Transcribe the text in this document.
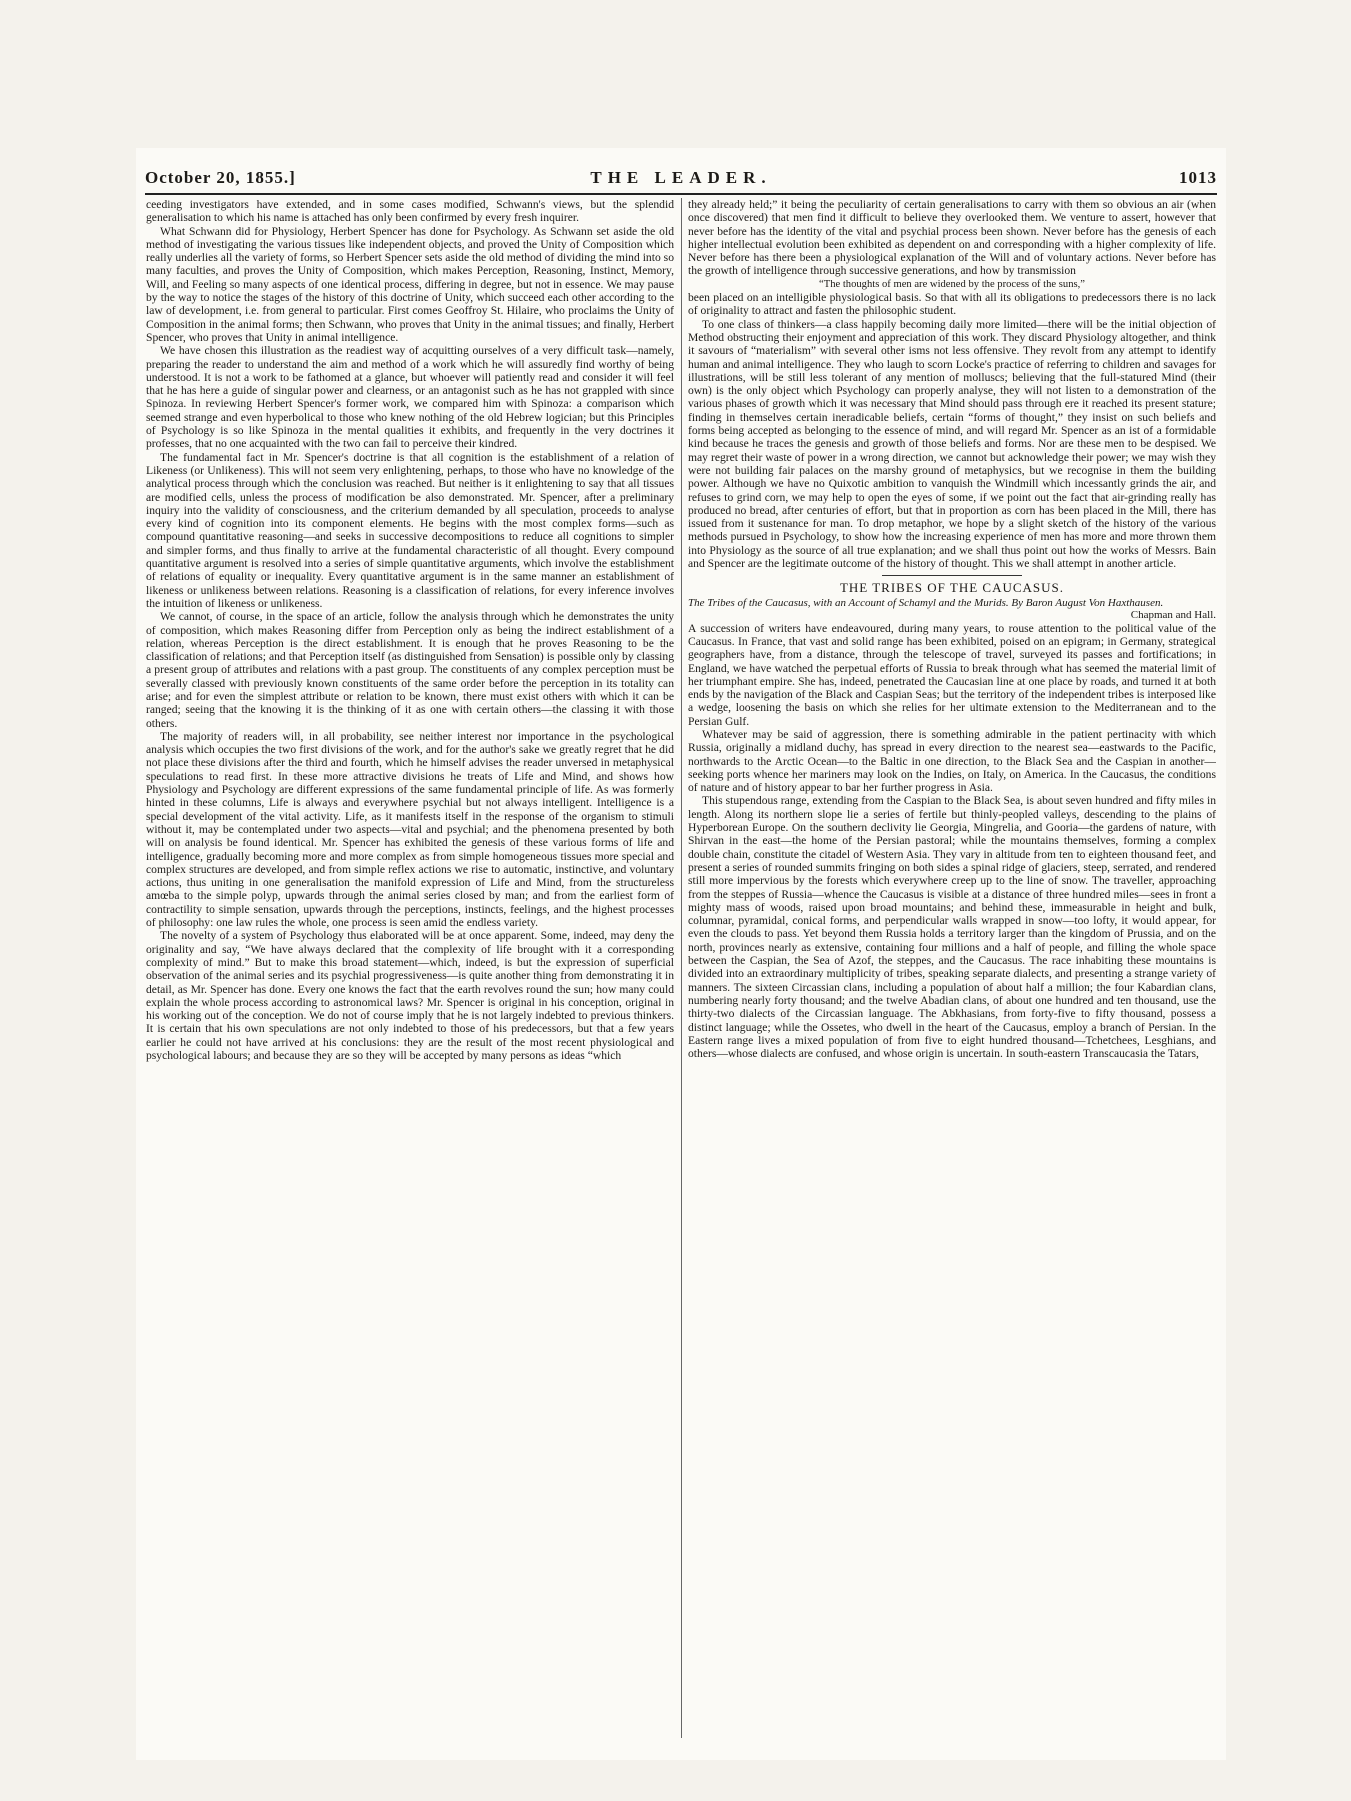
October 20, 1855.]	THE LEADER.	1013

ceeding investigators have extended, and in some cases modified, Schwann's views, but the splendid generalisation to which his name is attached has only been confirmed by every fresh inquirer.

What Schwann did for Physiology, Herbert Spencer has done for Psychology. As Schwann set aside the old method of investigating the various tissues like independent objects, and proved the Unity of Composition which really underlies all the variety of forms, so Herbert Spencer sets aside the old method of dividing the mind into so many faculties, and proves the Unity of Composition, which makes Perception, Reasoning, Instinct, Memory, Will, and Feeling so many aspects of one identical process, differing in degree, but not in essence. We may pause by the way to notice the stages of the history of this doctrine of Unity, which succeed each other according to the law of development, i.e. from general to particular. First comes Geoffroy St. Hilaire, who proclaims the Unity of Composition in the animal forms; then Schwann, who proves that Unity in the animal tissues; and finally, Herbert Spencer, who proves that Unity in animal intelligence.

We have chosen this illustration as the readiest way of acquitting ourselves of a very difficult task—namely, preparing the reader to understand the aim and method of a work which he will assuredly find worthy of being understood. It is not a work to be fathomed at a glance, but whoever will patiently read and consider it will feel that he has here a guide of singular power and clearness, or an antagonist such as he has not grappled with since Spinoza. In reviewing Herbert Spencer's former work, we compared him with Spinoza: a comparison which seemed strange and even hyperbolical to those who knew nothing of the old Hebrew logician; but this Principles of Psychology is so like Spinoza in the mental qualities it exhibits, and frequently in the very doctrines it professes, that no one acquainted with the two can fail to perceive their kindred.

The fundamental fact in Mr. Spencer's doctrine is that all cognition is the establishment of a relation of Likeness (or Unlikeness). This will not seem very enlightening, perhaps, to those who have no knowledge of the analytical process through which the conclusion was reached. But neither is it enlightening to say that all tissues are modified cells, unless the process of modification be also demonstrated. Mr. Spencer, after a preliminary inquiry into the validity of consciousness, and the criterium demanded by all speculation, proceeds to analyse every kind of cognition into its component elements. He begins with the most complex forms—such as compound quantitative reasoning—and seeks in successive decompositions to reduce all cognitions to simpler and simpler forms, and thus finally to arrive at the fundamental characteristic of all thought. Every compound quantitative argument is resolved into a series of simple quantitative arguments, which involve the establishment of relations of equality or inequality. Every quantitative argument is in the same manner an establishment of likeness or unlikeness between relations. Reasoning is a classification of relations, for every inference involves the intuition of likeness or unlikeness.

We cannot, of course, in the space of an article, follow the analysis through which he demonstrates the unity of composition, which makes Reasoning differ from Perception only as being the indirect establishment of a relation, whereas Perception is the direct establishment. It is enough that he proves Reasoning to be the classification of relations; and that Perception itself (as distinguished from Sensation) is possible only by classing a present group of attributes and relations with a past group. The constituents of any complex perception must be severally classed with previously known constituents of the same order before the perception in its totality can arise; and for even the simplest attribute or relation to be known, there must exist others with which it can be ranged; seeing that the knowing it is the thinking of it as one with certain others—the classing it with those others.

The majority of readers will, in all probability, see neither interest nor importance in the psychological analysis which occupies the two first divisions of the work, and for the author's sake we greatly regret that he did not place these divisions after the third and fourth, which he himself advises the reader unversed in metaphysical speculations to read first. In these more attractive divisions he treats of Life and Mind, and shows how Physiology and Psychology are different expressions of the same fundamental principle of life. As was formerly hinted in these columns, Life is always and everywhere psychial but not always intelligent. Intelligence is a special development of the vital activity. Life, as it manifests itself in the response of the organism to stimuli without it, may be contemplated under two aspects—vital and psychial; and the phenomena presented by both will on analysis be found identical. Mr. Spencer has exhibited the genesis of these various forms of life and intelligence, gradually becoming more and more complex as from simple homogeneous tissues more special and complex structures are developed, and from simple reflex actions we rise to automatic, instinctive, and voluntary actions, thus uniting in one generalisation the manifold expression of Life and Mind, from the structureless amœba to the simple polyp, upwards through the animal series closed by man; and from the earliest form of contractility to simple sensation, upwards through the perceptions, instincts, feelings, and the highest processes of philosophy: one law rules the whole, one process is seen amid the endless variety.

The novelty of a system of Psychology thus elaborated will be at once apparent. Some, indeed, may deny the originality and say, “We have always declared that the complexity of life brought with it a corresponding complexity of mind.” But to make this broad statement—which, indeed, is but the expression of superficial observation of the animal series and its psychial progressiveness—is quite another thing from demonstrating it in detail, as Mr. Spencer has done. Every one knows the fact that the earth revolves round the sun; how many could explain the whole process according to astronomical laws? Mr. Spencer is original in his conception, original in his working out of the conception. We do not of course imply that he is not largely indebted to previous thinkers. It is certain that his own speculations are not only indebted to those of his predecessors, but that a few years earlier he could not have arrived at his conclusions: they are the result of the most recent physiological and psychological labours; and because they are so they will be accepted by many persons as ideas “which

they already held;” it being the peculiarity of certain generalisations to carry with them so obvious an air (when once discovered) that men find it difficult to believe they overlooked them. We venture to assert, however that never before has the identity of the vital and psychial process been shown. Never before has the genesis of each higher intellectual evolution been exhibited as dependent on and corresponding with a higher complexity of life. Never before has there been a physiological explanation of the Will and of voluntary actions. Never before has the growth of intelligence through successive generations, and how by transmission

“The thoughts of men are widened by the process of the suns,”

been placed on an intelligible physiological basis. So that with all its obligations to predecessors there is no lack of originality to attract and fasten the philosophic student.

To one class of thinkers—a class happily becoming daily more limited—there will be the initial objection of Method obstructing their enjoyment and appreciation of this work. They discard Physiology altogether, and think it savours of “materialism” with several other isms not less offensive. They revolt from any attempt to identify human and animal intelligence. They who laugh to scorn Locke's practice of referring to children and savages for illustrations, will be still less tolerant of any mention of molluscs; believing that the full-statured Mind (their own) is the only object which Psychology can properly analyse, they will not listen to a demonstration of the various phases of growth which it was necessary that Mind should pass through ere it reached its present stature; finding in themselves certain ineradicable beliefs, certain “forms of thought,” they insist on such beliefs and forms being accepted as belonging to the essence of mind, and will regard Mr. Spencer as an ist of a formidable kind because he traces the genesis and growth of those beliefs and forms. Nor are these men to be despised. We may regret their waste of power in a wrong direction, we cannot but acknowledge their power; we may wish they were not building fair palaces on the marshy ground of metaphysics, but we recognise in them the building power. Although we have no Quixotic ambition to vanquish the Windmill which incessantly grinds the air, and refuses to grind corn, we may help to open the eyes of some, if we point out the fact that air-grinding really has produced no bread, after centuries of effort, but that in proportion as corn has been placed in the Mill, there has issued from it sustenance for man. To drop metaphor, we hope by a slight sketch of the history of the various methods pursued in Psychology, to show how the increasing experience of men has more and more thrown them into Physiology as the source of all true explanation; and we shall thus point out how the works of Messrs. Bain and Spencer are the legitimate outcome of the history of thought. This we shall attempt in another article.

THE TRIBES OF THE CAUCASUS.
The Tribes of the Caucasus, with an Account of Schamyl and the Murids. By Baron August Von Haxthausen.
Chapman and Hall.

A succession of writers have endeavoured, during many years, to rouse attention to the political value of the Caucasus. In France, that vast and solid range has been exhibited, poised on an epigram; in Germany, strategical geographers have, from a distance, through the telescope of travel, surveyed its passes and fortifications; in England, we have watched the perpetual efforts of Russia to break through what has seemed the material limit of her triumphant empire. She has, indeed, penetrated the Caucasian line at one place by roads, and turned it at both ends by the navigation of the Black and Caspian Seas; but the territory of the independent tribes is interposed like a wedge, loosening the basis on which she relies for her ultimate extension to the Mediterranean and to the Persian Gulf.

Whatever may be said of aggression, there is something admirable in the patient pertinacity with which Russia, originally a midland duchy, has spread in every direction to the nearest sea—eastwards to the Pacific, northwards to the Arctic Ocean—to the Baltic in one direction, to the Black Sea and the Caspian in another—seeking ports whence her mariners may look on the Indies, on Italy, on America. In the Caucasus, the conditions of nature and of history appear to bar her further progress in Asia.

This stupendous range, extending from the Caspian to the Black Sea, is about seven hundred and fifty miles in length. Along its northern slope lie a series of fertile but thinly-peopled valleys, descending to the plains of Hyperborean Europe. On the southern declivity lie Georgia, Mingrelia, and Gooria—the gardens of nature, with Shirvan in the east—the home of the Persian pastoral; while the mountains themselves, forming a complex double chain, constitute the citadel of Western Asia. They vary in altitude from ten to eighteen thousand feet, and present a series of rounded summits fringing on both sides a spinal ridge of glaciers, steep, serrated, and rendered still more impervious by the forests which everywhere creep up to the line of snow. The traveller, approaching from the steppes of Russia—whence the Caucasus is visible at a distance of three hundred miles—sees in front a mighty mass of woods, raised upon broad mountains; and behind these, immeasurable in height and bulk, columnar, pyramidal, conical forms, and perpendicular walls wrapped in snow—too lofty, it would appear, for even the clouds to pass. Yet beyond them Russia holds a territory larger than the kingdom of Prussia, and on the north, provinces nearly as extensive, containing four millions and a half of people, and filling the whole space between the Caspian, the Sea of Azof, the steppes, and the Caucasus. The race inhabiting these mountains is divided into an extraordinary multiplicity of tribes, speaking separate dialects, and presenting a strange variety of manners. The sixteen Circassian clans, including a population of about half a million; the four Kabardian clans, numbering nearly forty thousand; and the twelve Abadian clans, of about one hundred and ten thousand, use the thirty-two dialects of the Circassian language. The Abkhasians, from forty-five to fifty thousand, possess a distinct language; while the Ossetes, who dwell in the heart of the Caucasus, employ a branch of Persian. In the Eastern range lives a mixed population of from five to eight hundred thousand—Tchetchees, Lesghians, and others—whose dialects are confused, and whose origin is uncertain. In south-eastern Transcaucasia the Tatars,
